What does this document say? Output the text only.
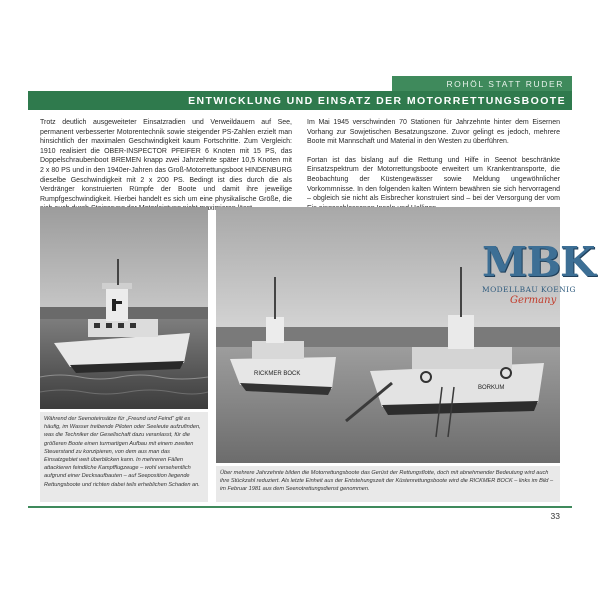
ROHÖL STATT RUDER
ENTWICKLUNG UND EINSATZ DER MOTORRETTUNGSBOOTE

Trotz deutlich ausgeweiteter Einsatzradien und Verweildauern auf See, permanent verbesserter Motorentechnik sowie steigender PS-Zahlen erzielt man hinsichtlich der maximalen Geschwindigkeit kaum Fortschritte. Zum Vergleich: 1910 realisiert die OBER-INSPECTOR PFEIFER 6 Knoten mit 15 PS, das Doppelschraubenboot BREMEN knapp zwei Jahrzehnte später 10,5 Knoten mit 2 x 80 PS und in den 1940er-Jahren das Groß-Motorrettungsboot HINDENBURG dieselbe Geschwindigkeit mit 2 x 200 PS. Bedingt ist dies durch die als Verdränger konstruierten Rümpfe der Boote und damit ihre jeweilige Rumpfgeschwindigkeit. Hierbei handelt es sich um eine physikalische Größe, die

Im Mai 1945 verschwinden 70 Stationen für Jahrzehnte hinter dem Eisernen Vorhang zur Sowjetischen Besatzungszone. Zuvor gelingt es jedoch, mehrere Boote mit Mannschaft und Material in den Westen zu überführen.

Fortan ist das bislang auf die Rettung und Hilfe in Seenot beschränkte Einsatzspektrum der Motorrettungsboote erweitert um Krankentransporte, die Beobachtung der Küstengewässer sowie Meldung ungewöhnlicher Vorkommnisse. In den folgenden kalten Wintern bewähren sie sich hervorragend – obgleich sie nicht als Eisbrecher konstruiert sind – bei der Versorgung der vom

RICKMER BOCK
BORKUM
Während der Seenoteinsätze für „Freund und Feind“ gilt es häufig, im Wasser treibende Piloten oder Seeleute aufzufinden, was die Techniker der Gesellschaft dazu veranlasst, für die größeren Boote einen turmartigen Aufbau mit einem zweiten Steuerstand zu konzipieren, von dem aus man das Einsatzgebiet weit überblicken kann. In mehreren Fällen attackieren feindliche Kampfflugzeuge – wohl versehentlich aufgrund einer Decksaufbauten – auf Seeposition liegende Rettungsboote und richten dabei teils erheblichen Schaden an.
Über mehrere Jahrzehnte bilden die Motorrettungsboote das Gerüst der Rettungsflotte, doch mit abnehmender Bedeutung wird auch ihre Stückzahl reduziert. Als letzte Einheit aus der Entstehungszeit der Küstenrettungsboote wird die RICKMER BOCK – links im Bild – im Februar 1981 aus dem Seenotrettungsdienst genommen.
MBK
MODELLBAU KOENIG
Germany
33
